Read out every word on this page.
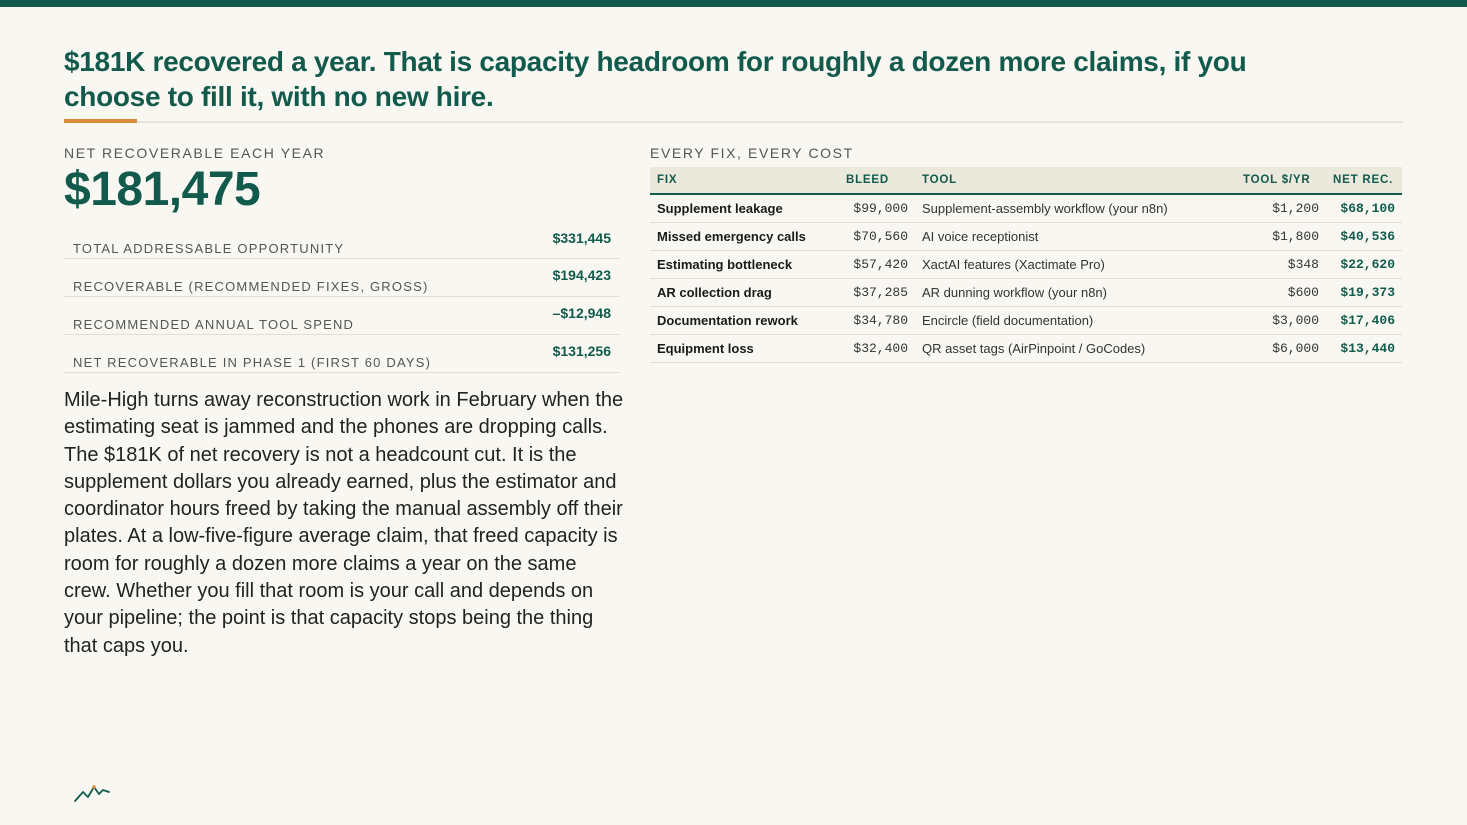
$181K recovered a year. That is capacity headroom for roughly a dozen more claims, if you choose to fill it, with no new hire.
NET RECOVERABLE EACH YEAR
$181,475
TOTAL ADDRESSABLE OPPORTUNITY
$331,445
RECOVERABLE (RECOMMENDED FIXES, GROSS)
$194,423
RECOMMENDED ANNUAL TOOL SPEND
–$12,948
NET RECOVERABLE IN PHASE 1 (FIRST 60 DAYS)
$131,256
Mile-High turns away reconstruction work in February when the estimating seat is jammed and the phones are dropping calls. The $181K of net recovery is not a headcount cut. It is the supplement dollars you already earned, plus the estimator and coordinator hours freed by taking the manual assembly off their plates. At a low-five-figure average claim, that freed capacity is room for roughly a dozen more claims a year on the same crew. Whether you fill that room is your call and depends on your pipeline; the point is that capacity stops being the thing that caps you.
EVERY FIX, EVERY COST
FIX	BLEED	TOOL	TOOL $/YR	NET REC.
Supplement leakage	$99,000	Supplement-assembly workflow (your n8n)	$1,200	$68,100
Missed emergency calls	$70,560	AI voice receptionist	$1,800	$40,536
Estimating bottleneck	$57,420	XactAI features (Xactimate Pro)	$348	$22,620
AR collection drag	$37,285	AR dunning workflow (your n8n)	$600	$19,373
Documentation rework	$34,780	Encircle (field documentation)	$3,000	$17,406
Equipment loss	$32,400	QR asset tags (AirPinpoint / GoCodes)	$6,000	$13,440
